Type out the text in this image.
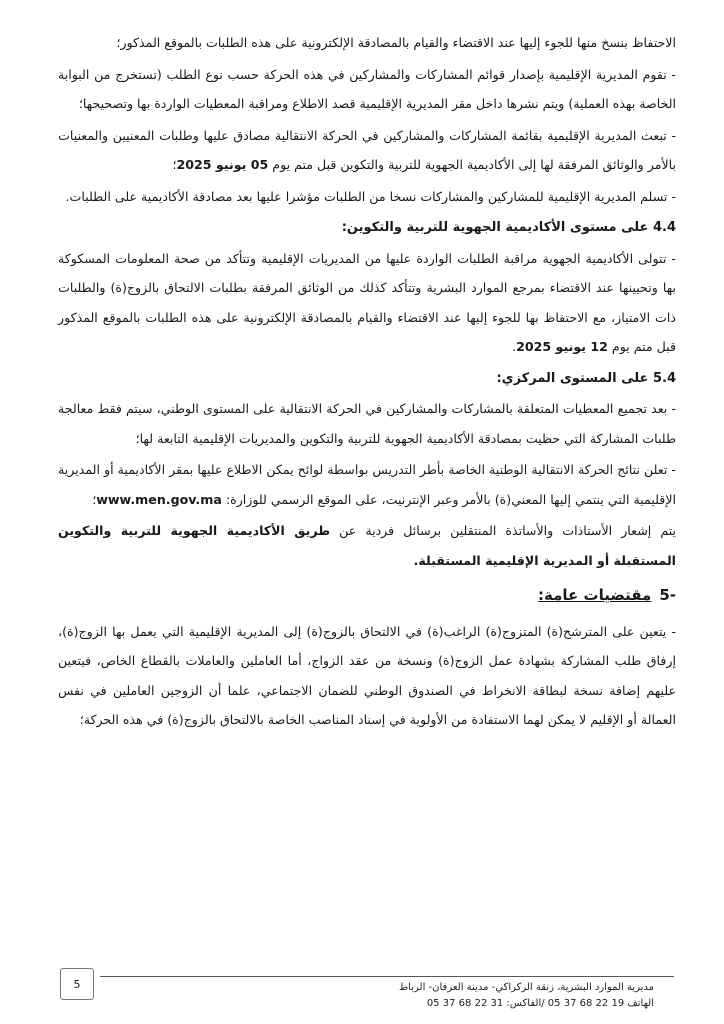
الاحتفاظ بنسخ منها للجوء إليها عند الاقتضاء والقيام بالمصادقة الإلكترونية على هذه الطلبات بالموقع المذكور؛

- تقوم المديرية الإقليمية بإصدار قوائم المشاركات والمشاركين في هذه الحركة حسب نوع الطلب (تستخرج من البوابة الخاصة بهذه العملية) ويتم نشرها داخل مقر المديرية الإقليمية قصد الاطلاع ومراقبة المعطيات الواردة بها وتصحيحها؛

- تبعث المديرية الإقليمية بقائمة المشاركات والمشاركين في الحركة الانتقالية مصادق عليها وطلبات المعنيين والمعنيات بالأمر والوثائق المرفقة لها إلى الأكاديمية الجهوية للتربية والتكوين قبل متم يوم 05 يونيو 2025؛

- تسلم المديرية الإقليمية للمشاركين والمشاركات نسخا من الطلبات مؤشرا عليها بعد مصادقة الأكاديمية على الطلبات.

4.4 على مستوى الأكاديمية الجهوية للتربية والتكوين:

- تتولى الأكاديمية الجهوية مراقبة الطلبات الواردة عليها من المديريات الإقليمية وتتأكد من صحة المعلومات المسكوكة بها وتحيينها عند الاقتضاء بمرجع الموارد البشرية وتتأكد كذلك من الوثائق المرفقة بطلبات الالتحاق بالزوج(ة) والطلبات ذات الامتياز، مع الاحتفاظ بها للجوء إليها عند الاقتضاء والقيام بالمصادقة الإلكترونية على هذه الطلبات بالموقع المذكور قبل متم يوم 12 يونيو 2025.

5.4 على المستوى المركزي:

- بعد تجميع المعطيات المتعلقة بالمشاركات والمشاركين في الحركة الانتقالية على المستوى الوطني، سيتم فقط معالجة طلبات المشاركة التي حظيت بمصادقة الأكاديمية الجهوية للتربية والتكوين والمديريات الإقليمية التابعة لها؛

- تعلن نتائج الحركة الانتقالية الوطنية الخاصة بأطر التدريس بواسطة لوائح يمكن الاطلاع عليها بمقر الأكاديمية أو المديرية الإقليمية التي ينتمي إليها المعني(ة) بالأمر وعبر الإنترنيت، على الموقع الرسمي للوزارة: www.men.gov.ma؛

يتم إشعار الأستاذات والأساتذة المنتقلين برسائل فردية عن طريق الأكاديمية الجهوية للتربية والتكوين المستقبلة أو المديرية الإقليمية المستقبلة.

-5
مقتضيات عامة:

- يتعين على المترشح(ة) المتزوج(ة) الراغب(ة) في الالتحاق بالزوج(ة) إلى المديرية الإقليمية التي يعمل بها الزوج(ة)، إرفاق طلب المشاركة بشهادة عمل الزوج(ة) ونسخة من عقد الزواج، أما العاملين والعاملات بالقطاع الخاص، فيتعين عليهم إضافة نسخة لبطاقة الانخراط في الصندوق الوطني للضمان الاجتماعي، علما أن الزوجين العاملين في نفس العمالة أو الإقليم لا يمكن لهما الاستفادة من الأولوية في إسناد المناصب الخاصة بالالتحاق بالزوج(ة) في هذه الحركة؛

5	مديرية الموارد البشرية، زنقة الركراكي- مدينة العرفان- الرباط
الهاتف 19 22 68 37 05 /الفاكس: 31 22 68 37 05
